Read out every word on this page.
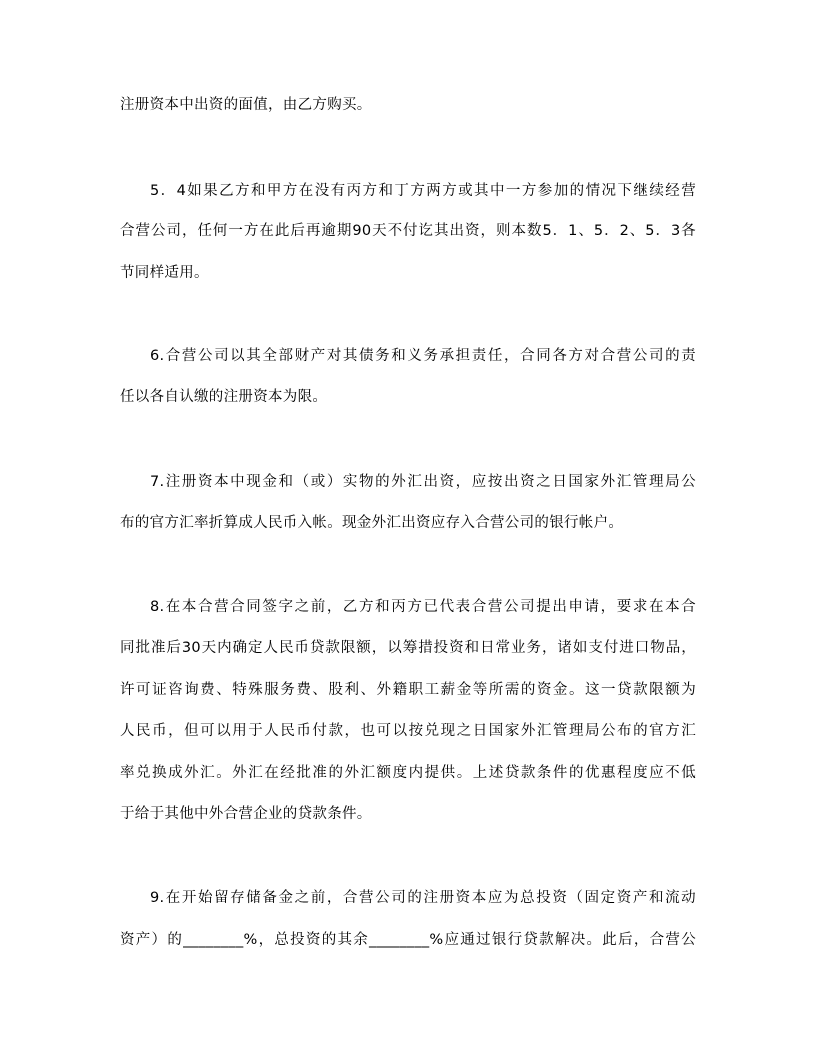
注册资本中出资的面值，由乙方购买。
5．4如果乙方和甲方在没有丙方和丁方两方或其中一方参加的情况下继续经营
合营公司，任何一方在此后再逾期90天不付讫其出资，则本数5．1、5．2、5．3各
节同样适用。
6.合营公司以其全部财产对其债务和义务承担责任，合同各方对合营公司的责
任以各自认缴的注册资本为限。
7.注册资本中现金和（或）实物的外汇出资，应按出资之日国家外汇管理局公
布的官方汇率折算成人民币入帐。现金外汇出资应存入合营公司的银行帐户。
8.在本合营合同签字之前，乙方和丙方已代表合营公司提出申请，要求在本合
同批准后30天内确定人民币贷款限额，以筹措投资和日常业务，诸如支付进口物品，
许可证咨询费、特殊服务费、股利、外籍职工薪金等所需的资金。这一贷款限额为
人民币，但可以用于人民币付款，也可以按兑现之日国家外汇管理局公布的官方汇
率兑换成外汇。外汇在经批准的外汇额度内提供。上述贷款条件的优惠程度应不低
于给于其他中外合营企业的贷款条件。
9.在开始留存储备金之前，合营公司的注册资本应为总投资（固定资产和流动
资产）的________%，总投资的其余________%应通过银行贷款解决。此后，合营公
